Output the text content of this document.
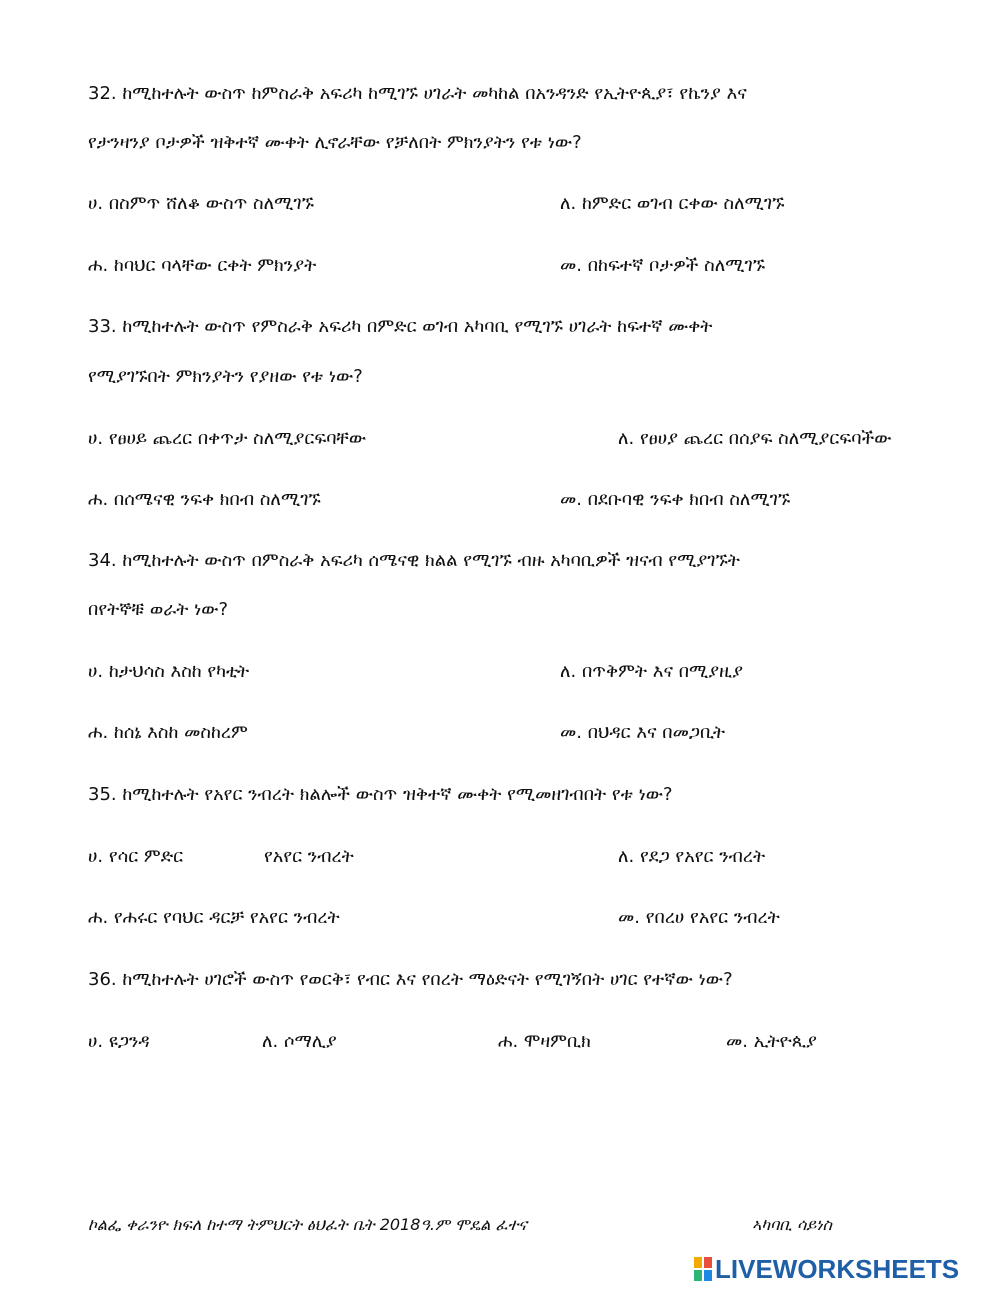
32. ከሚከተሉት ውስጥ ከምስራቅ አፍሪካ ከሚገኙ ሀገራት መካከል በአንዳንድ የኢትዮጲያ፣ የኬንያ እና
የታንዛንያ ቦታዎች ዝቅተኛ ሙቀት ሊኖራቸው የቻለበት ምክንያትን የቱ ነው?
ሀ. በስምጥ ሸለቆ ውስጥ ስለሚገኙ	ለ. ከምድር ወገብ ርቀው ስለሚገኙ
ሐ. ከባህር ባላቸው ርቀት ምክንያት	መ. በከፍተኛ ቦታዎች ስለሚገኙ
33. ከሚከተሉት ውስጥ የምስራቅ አፍሪካ በምድር ወገብ አካባቢ የሚገኙ ሀገራት ከፍተኛ ሙቀት
የሚያገኙበት ምክንያትን የያዘው የቱ ነው?
ሀ. የፀሀይ ጨረር በቀጥታ ስለሚያርፍባቸው	ለ. የፀሀያ ጨረር በሰያፍ ስለሚያርፍባችው
ሐ. በሰሜናዊ ንፍቀ ክበብ ስለሚገኙ	መ. በደቡባዊ ንፍቀ ክበብ ስለሚገኙ
34. ከሚከተሉት ውስጥ በምስራቅ አፍሪካ ሰሜናዊ ክልል የሚገኙ ብዙ አካባቢዎች ዝናብ የሚያገኙት
በየትኞቹ ወራት ነው?
ሀ. ከታህሳስ እስከ የካቲት	ለ. በጥቅምት እና በሚያዚያ
ሐ. ከሰኔ እስከ መስከረም	መ. በህዳር እና በመጋቢት
35. ከሚከተሉት የአየር ንብረት ክልሎች ውስጥ ዝቅተኛ ሙቀት የሚመዘገብበት የቱ ነው?
ሀ. የሳር ምድር	የአየር ንብረት	ለ. የደጋ የአየር ንብረት
ሐ. የሐሩር የባህር ዳርቻ የአየር ንብረት	መ. የበረሀ የአየር ንብረት
36. ከሚከተሉት ሀገሮች ውስጥ የወርቅ፣ የብር እና የበረት ማዕድናት የሚገኝበት ሀገር የተኛው ነው?
ሀ. ዩጋንዳ	ለ. ሶማሊያ	ሐ. ሞዛምቢክ	መ. ኢትዮጲያ
ኮልፌ ቀራንዮ ክፍለ ከተማ ትምህርት ፅህፈት ቤት 2018ዓ.ም ሞዴል ፈተና	ኣካባቢ ሳይነስ
LIVEWORKSHEETS
